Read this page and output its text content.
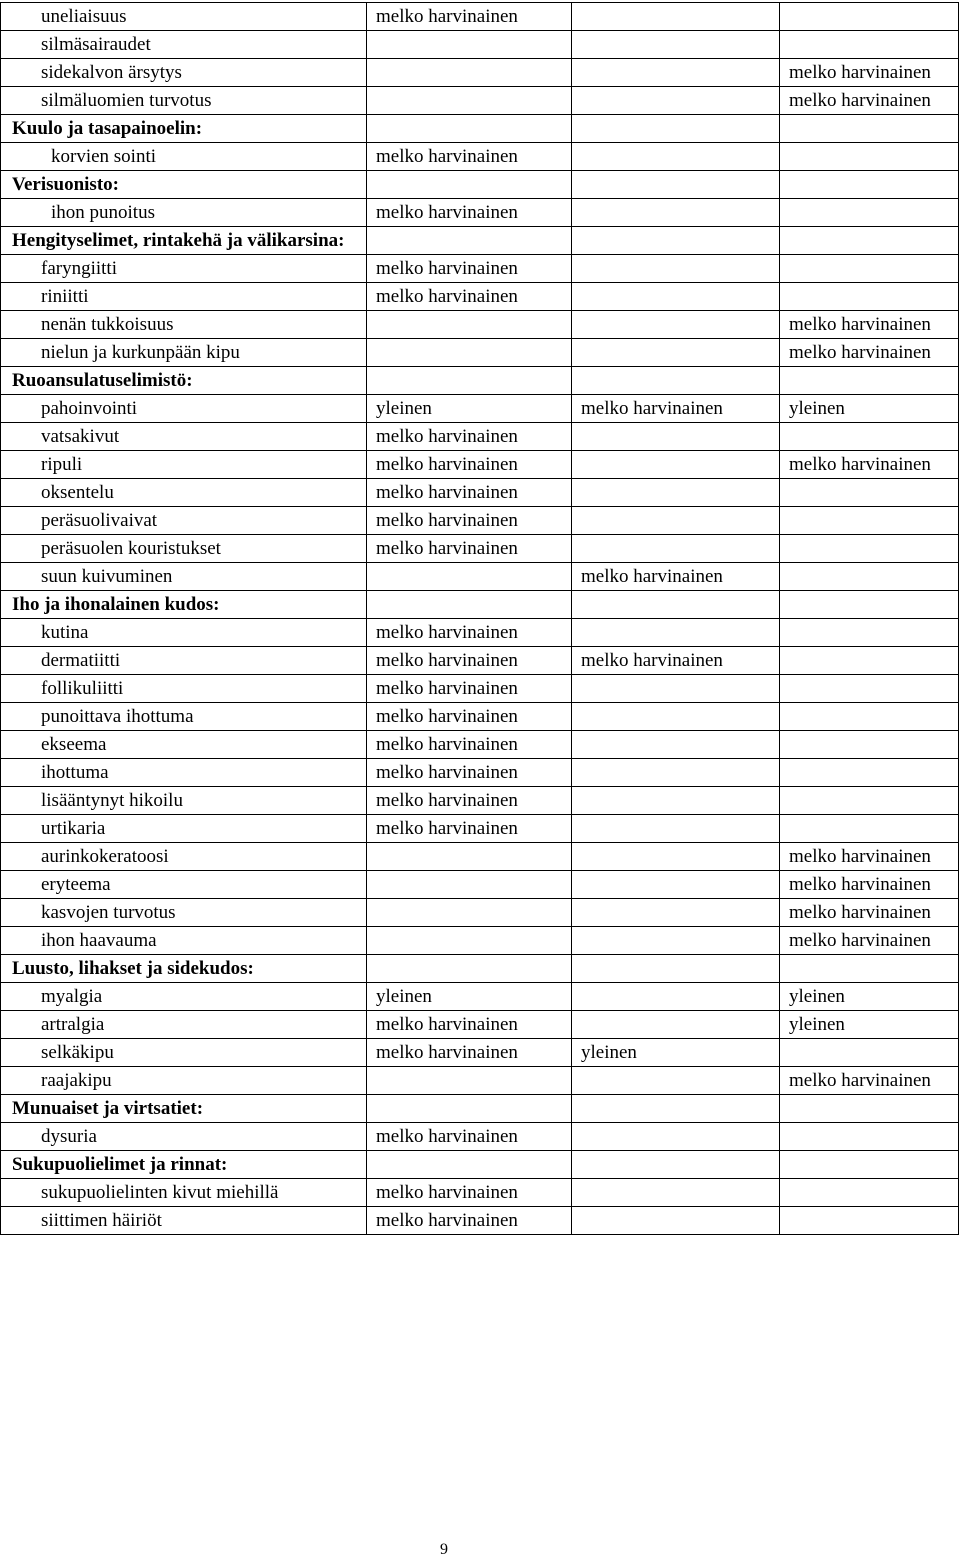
uneliaisuus	melko harvinainen		
silmäsairaudet			
sidekalvon ärsytys			melko harvinainen
silmäluomien turvotus			melko harvinainen
Kuulo ja tasapainoelin:			
korvien sointi	melko harvinainen		
Verisuonisto:			
ihon punoitus	melko harvinainen		
Hengityselimet, rintakehä ja välikarsina:			
faryngiitti	melko harvinainen		
riniitti	melko harvinainen		
nenän tukkoisuus			melko harvinainen
nielun ja kurkunpään kipu			melko harvinainen
Ruoansulatuselimistö:			
pahoinvointi	yleinen	melko harvinainen	yleinen
vatsakivut	melko harvinainen		
ripuli	melko harvinainen		melko harvinainen
oksentelu	melko harvinainen		
peräsuolivaivat	melko harvinainen		
peräsuolen kouristukset	melko harvinainen		
suun kuivuminen		melko harvinainen	
Iho ja ihonalainen kudos:			
kutina	melko harvinainen		
dermatiitti	melko harvinainen	melko harvinainen	
follikuliitti	melko harvinainen		
punoittava ihottuma	melko harvinainen		
ekseema	melko harvinainen		
ihottuma	melko harvinainen		
lisääntynyt hikoilu	melko harvinainen		
urtikaria	melko harvinainen		
aurinkokeratoosi			melko harvinainen
eryteema			melko harvinainen
kasvojen turvotus			melko harvinainen
ihon haavauma			melko harvinainen
Luusto, lihakset ja sidekudos:			
myalgia	yleinen		yleinen
artralgia	melko harvinainen		yleinen
selkäkipu	melko harvinainen	yleinen	
raajakipu			melko harvinainen
Munuaiset ja virtsatiet:			
dysuria	melko harvinainen		
Sukupuolielimet ja rinnat:			
sukupuolielinten kivut miehillä	melko harvinainen		
siittimen häiriöt	melko harvinainen		
9
